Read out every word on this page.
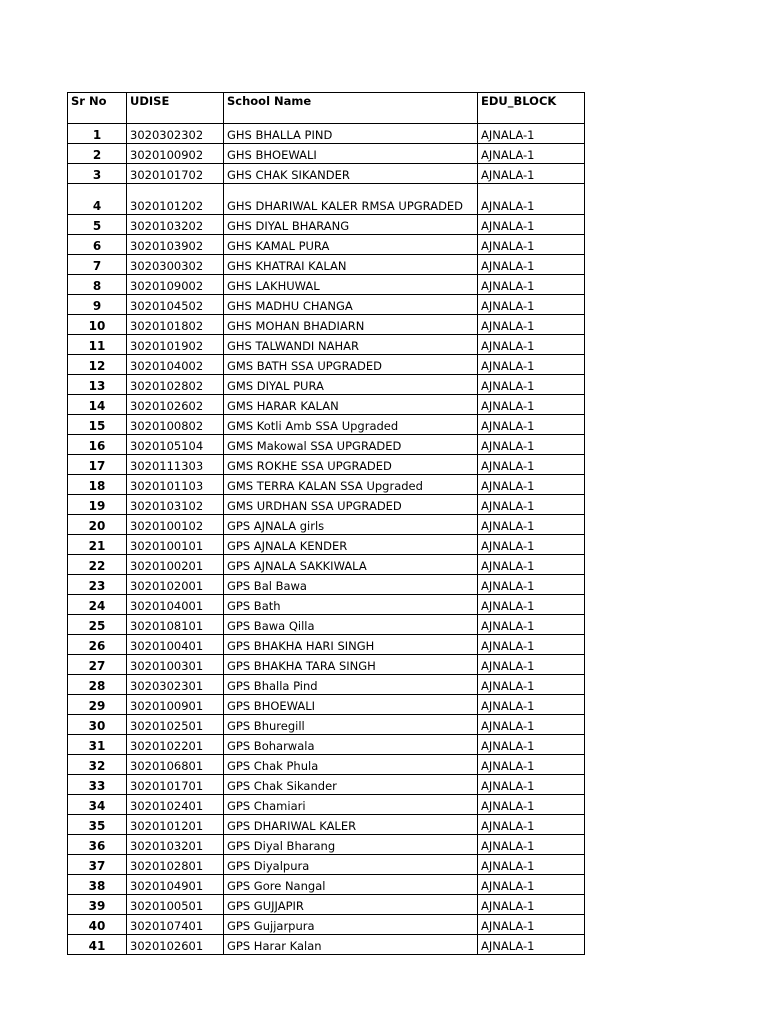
Sr No	UDISE	School Name	EDU_BLOCK
1	3020302302	GHS BHALLA PIND	AJNALA-1
2	3020100902	GHS BHOEWALI	AJNALA-1
3	3020101702	GHS CHAK SIKANDER	AJNALA-1
4	3020101202	GHS DHARIWAL KALER RMSA UPGRADED	AJNALA-1
5	3020103202	GHS DIYAL BHARANG	AJNALA-1
6	3020103902	GHS KAMAL PURA	AJNALA-1
7	3020300302	GHS KHATRAI KALAN	AJNALA-1
8	3020109002	GHS LAKHUWAL	AJNALA-1
9	3020104502	GHS MADHU CHANGA	AJNALA-1
10	3020101802	GHS MOHAN BHADIARN	AJNALA-1
11	3020101902	GHS TALWANDI NAHAR	AJNALA-1
12	3020104002	GMS BATH SSA UPGRADED	AJNALA-1
13	3020102802	GMS DIYAL PURA	AJNALA-1
14	3020102602	GMS HARAR KALAN	AJNALA-1
15	3020100802	GMS Kotli Amb SSA Upgraded	AJNALA-1
16	3020105104	GMS Makowal SSA UPGRADED	AJNALA-1
17	3020111303	GMS ROKHE SSA UPGRADED	AJNALA-1
18	3020101103	GMS TERRA KALAN SSA Upgraded	AJNALA-1
19	3020103102	GMS URDHAN SSA UPGRADED	AJNALA-1
20	3020100102	GPS AJNALA girls	AJNALA-1
21	3020100101	GPS AJNALA KENDER	AJNALA-1
22	3020100201	GPS AJNALA SAKKIWALA	AJNALA-1
23	3020102001	GPS Bal Bawa	AJNALA-1
24	3020104001	GPS Bath	AJNALA-1
25	3020108101	GPS Bawa Qilla	AJNALA-1
26	3020100401	GPS BHAKHA HARI SINGH	AJNALA-1
27	3020100301	GPS BHAKHA TARA SINGH	AJNALA-1
28	3020302301	GPS Bhalla Pind	AJNALA-1
29	3020100901	GPS BHOEWALI	AJNALA-1
30	3020102501	GPS Bhuregill	AJNALA-1
31	3020102201	GPS Boharwala	AJNALA-1
32	3020106801	GPS Chak Phula	AJNALA-1
33	3020101701	GPS Chak Sikander	AJNALA-1
34	3020102401	GPS Chamiari	AJNALA-1
35	3020101201	GPS DHARIWAL KALER	AJNALA-1
36	3020103201	GPS Diyal Bharang	AJNALA-1
37	3020102801	GPS Diyalpura	AJNALA-1
38	3020104901	GPS Gore Nangal	AJNALA-1
39	3020100501	GPS GUJJAPIR	AJNALA-1
40	3020107401	GPS Gujjarpura	AJNALA-1
41	3020102601	GPS Harar Kalan	AJNALA-1
